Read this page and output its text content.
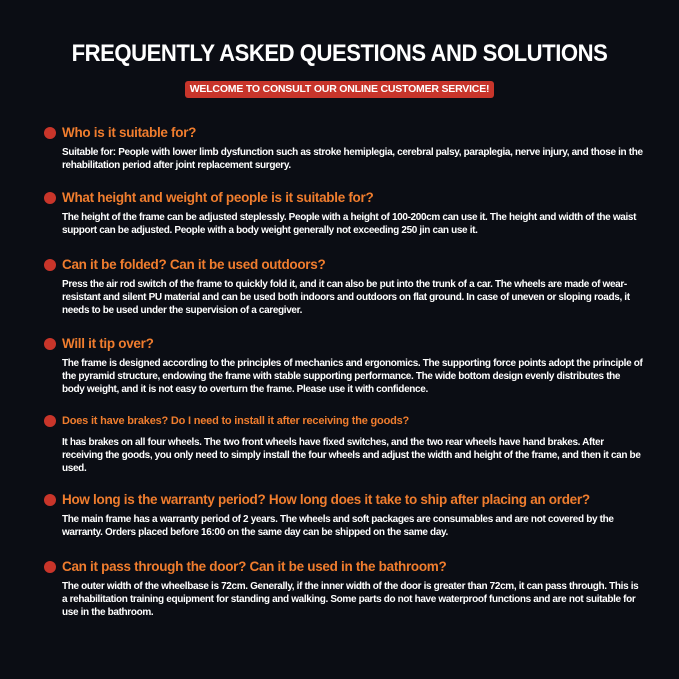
FREQUENTLY ASKED QUESTIONS AND SOLUTIONS
WELCOME TO CONSULT OUR ONLINE CUSTOMER SERVICE!
Who is it suitable for?
Suitable for: People with lower limb dysfunction such as stroke hemiplegia, cerebral palsy, paraplegia, nerve injury, and those in the rehabilitation period after joint replacement surgery.
What height and weight of people is it suitable for?
The height of the frame can be adjusted steplessly. People with a height of 100-200cm can use it. The height and width of the waist support can be adjusted. People with a body weight generally not exceeding 250 jin can use it.
Can it be folded? Can it be used outdoors?
Press the air rod switch of the frame to quickly fold it, and it can also be put into the trunk of a car. The wheels are made of wear-resistant and silent PU material and can be used both indoors and outdoors on flat ground. In case of uneven or sloping roads, it needs to be used under the supervision of a caregiver.
Will it tip over?
The frame is designed according to the principles of mechanics and ergonomics. The supporting force points adopt the principle of the pyramid structure, endowing the frame with stable supporting performance. The wide bottom design evenly distributes the body weight, and it is not easy to overturn the frame. Please use it with confidence.
Does it have brakes? Do I need to install it after receiving the goods?
It has brakes on all four wheels. The two front wheels have fixed switches, and the two rear wheels have hand brakes. After receiving the goods, you only need to simply install the four wheels and adjust the width and height of the frame, and then it can be used.
How long is the warranty period? How long does it take to ship after placing an order?
The main frame has a warranty period of 2 years. The wheels and soft packages are consumables and are not covered by the warranty. Orders placed before 16:00 on the same day can be shipped on the same day.
Can it pass through the door? Can it be used in the bathroom?
The outer width of the wheelbase is 72cm. Generally, if the inner width of the door is greater than 72cm, it can pass through. This is a rehabilitation training equipment for standing and walking. Some parts do not have waterproof functions and are not suitable for use in the bathroom.
